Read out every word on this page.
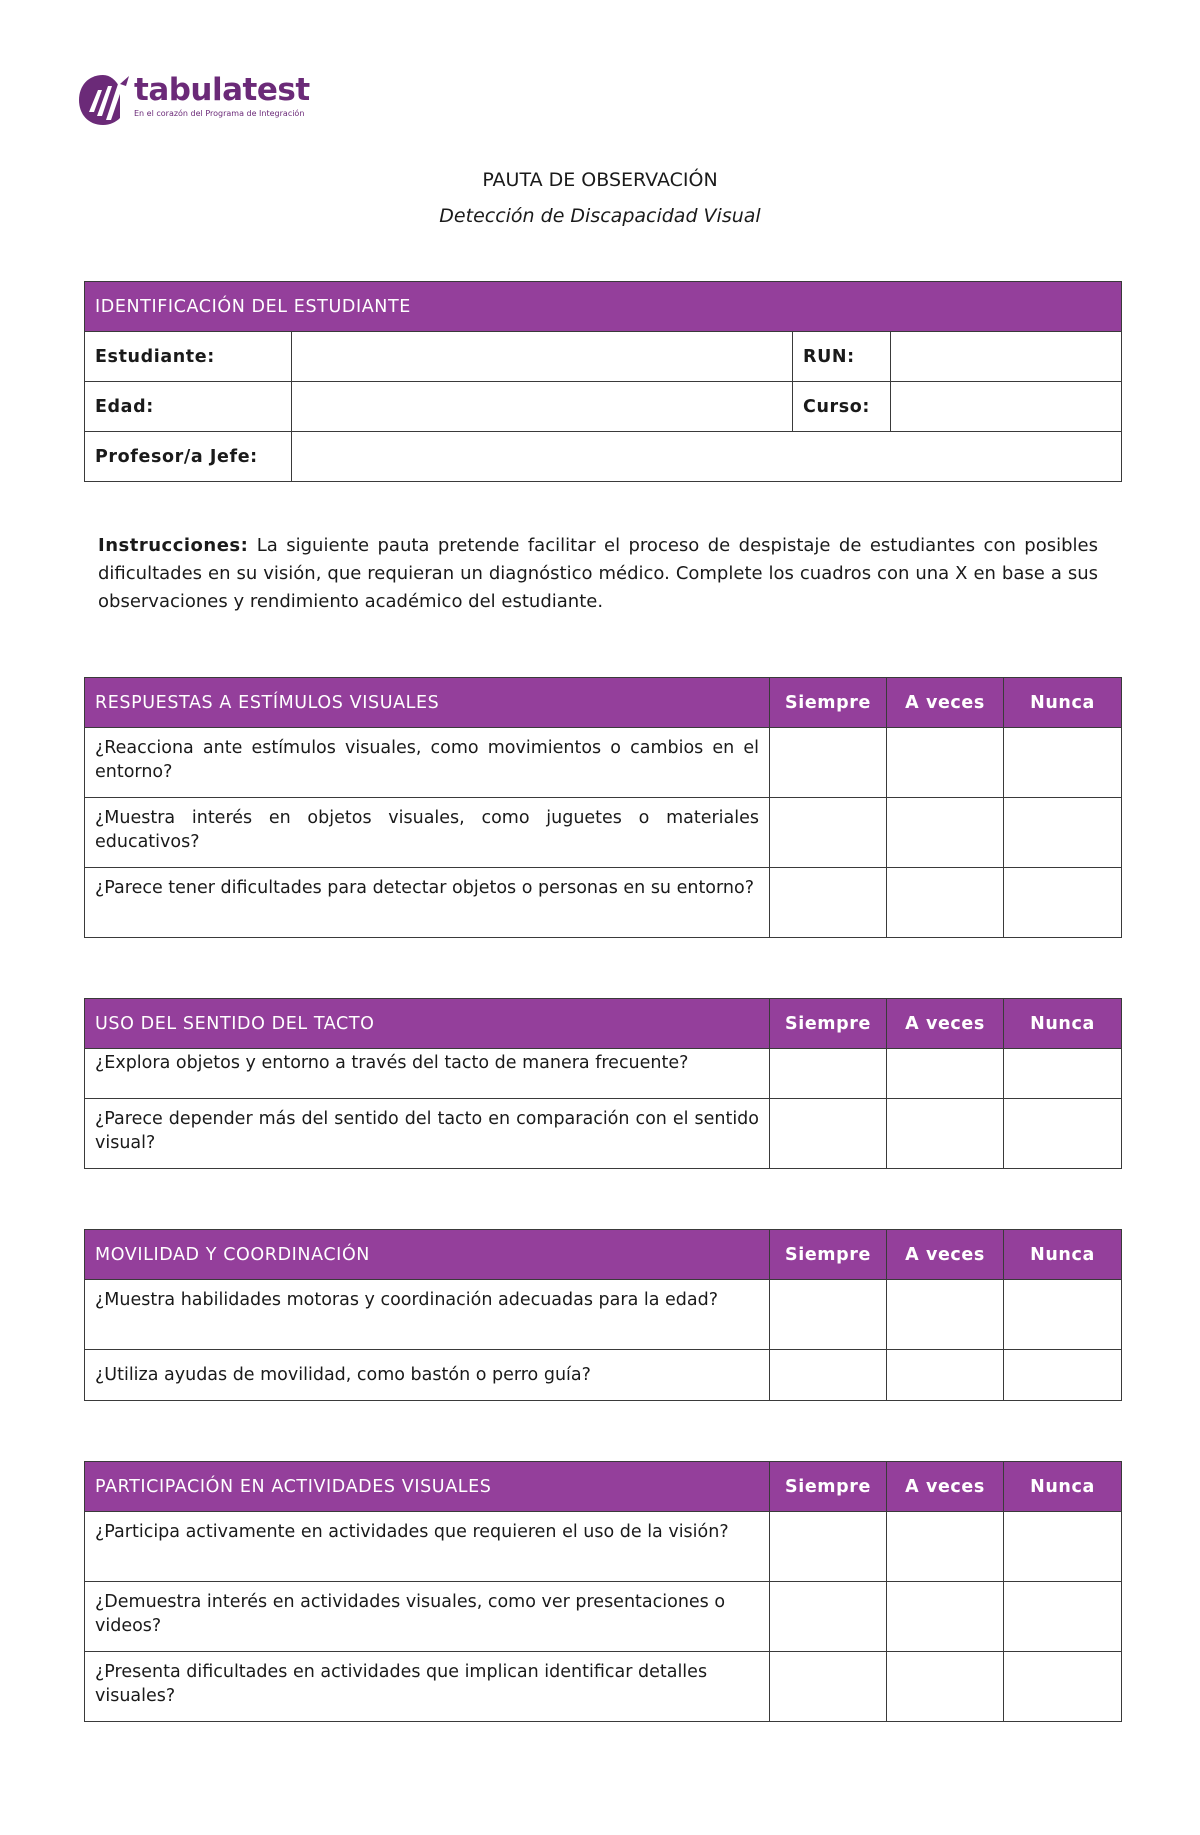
tabulatest
En el corazón del Programa de Integración
PAUTA DE OBSERVACIÓN
Detección de Discapacidad Visual
IDENTIFICACIÓN DEL ESTUDIANTE			
Estudiante:		RUN:	
Edad:		Curso:	
Profesor/a Jefe:			

Instrucciones: La siguiente pauta pretende facilitar el proceso de despistaje de estudiantes con posibles dificultades en su visión, que requieran un diagnóstico médico. Complete los cuadros con una X en base a sus observaciones y rendimiento académico del estudiante.

RESPUESTAS A ESTÍMULOS VISUALES	Siempre	A veces	Nunca
¿Reacciona ante estímulos visuales, como movimientos o cambios en el entorno?			
¿Muestra interés en objetos visuales, como juguetes o materiales educativos?			
¿Parece tener dificultades para detectar objetos o personas en su entorno?			
USO DEL SENTIDO DEL TACTO	Siempre	A veces	Nunca
¿Explora objetos y entorno a través del tacto de manera frecuente?			
¿Parece depender más del sentido del tacto en comparación con el sentido visual?			
MOVILIDAD Y COORDINACIÓN	Siempre	A veces	Nunca
¿Muestra habilidades motoras y coordinación adecuadas para la edad?			
¿Utiliza ayudas de movilidad, como bastón o perro guía?			
PARTICIPACIÓN EN ACTIVIDADES VISUALES	Siempre	A veces	Nunca
¿Participa activamente en actividades que requieren el uso de la visión?			
¿Demuestra interés en actividades visuales, como ver presentaciones o videos?			
¿Presenta dificultades en actividades que implican identificar detalles visuales?			
